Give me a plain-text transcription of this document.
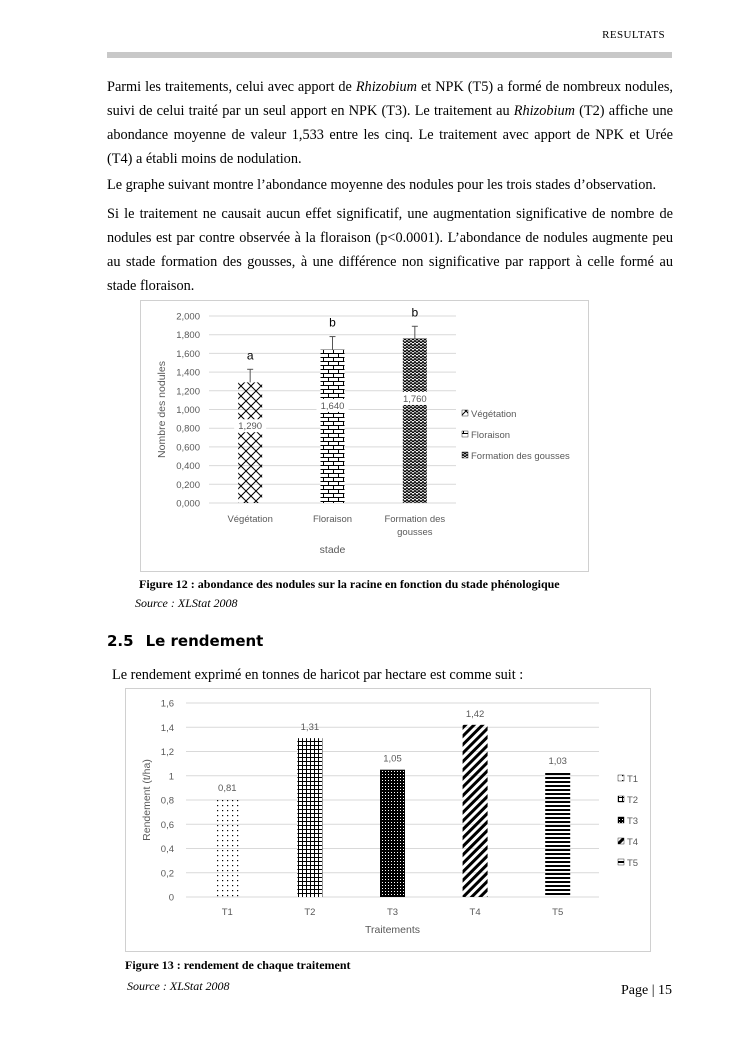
RESULTATS

Parmi les traitements, celui avec apport de Rhizobium et NPK (T5) a formé de nombreux nodules, suivi de celui traité par un seul apport en NPK (T3). Le traitement au Rhizobium (T2) affiche une abondance moyenne de valeur 1,533 entre les cinq. Le traitement avec apport de NPK et Urée (T4) a établi moins de nodulation.

Le graphe suivant montre l’abondance moyenne des nodules pour les trois stades d’observation.

Si le traitement ne causait aucun effet significatif, une augmentation significative de nombre de nodules est par contre observée à la floraison (p<0.0001). L’abondance de nodules augmente peu au stade formation des gousses, à une différence non significative par rapport à celle formé au stade floraison.

0,000
0,200
0,400
0,600
0,800
1,000
1,200
1,400
1,600
1,800
2,000
1,290
a
Végétation
1,640
b
Floraison
1,760
b
Formation des
gousses
stade
Nombre des nodules	Végétation
Floraison
Formation des gousses
Figure 12 : abondance des nodules sur la racine en fonction du stade phénologique
Source : XLStat 2008
2.5 Le rendement

Le rendement exprimé en tonnes de haricot par hectare est comme suit :

0
0,2
0,4
0,6
0,8
1
1,2
1,4
1,6
0,81
T1
1,31
T2
1,05
T3
1,42
T4
1,03
T5
Traitements
Rendement (t/ha)	T1
T2
T3
T4
T5
Figure 13 : rendement de chaque traitement
Source : XLStat 2008	Page | 15
